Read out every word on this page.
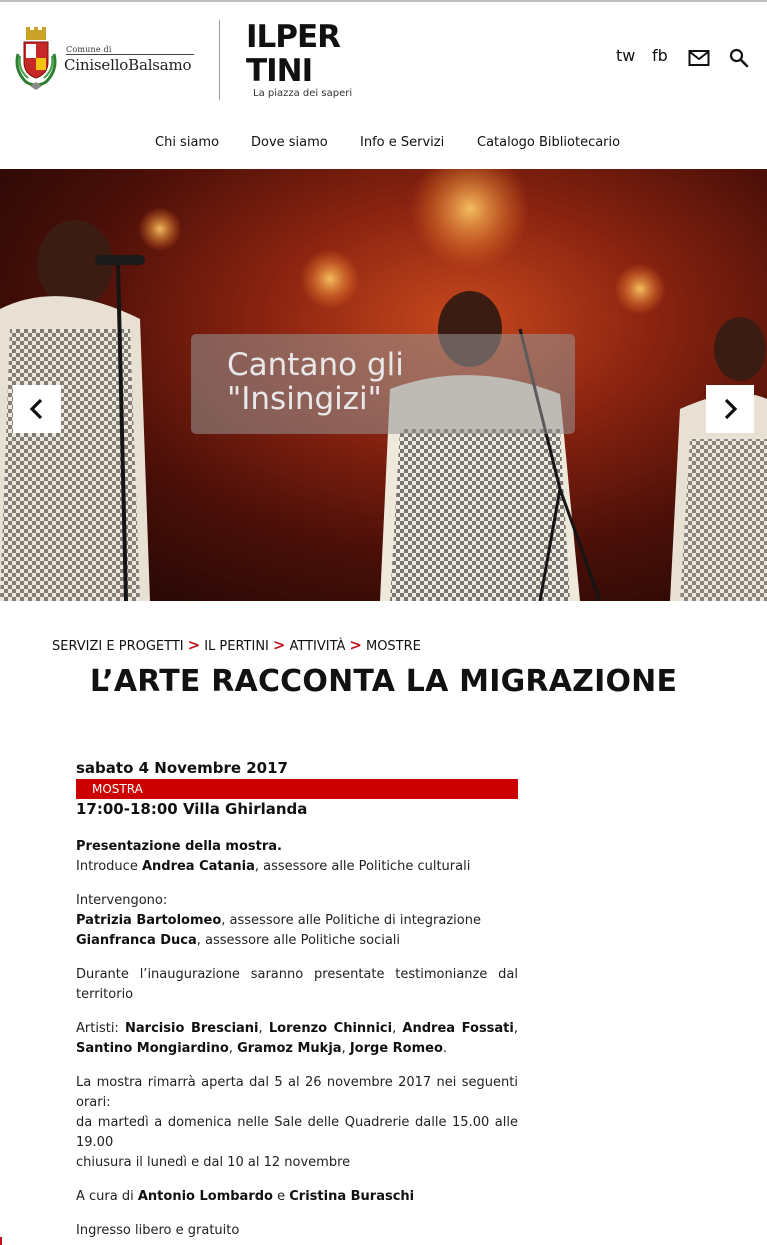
Comune di
CiniselloBalsamo
ILPER
TINI
La piazza dei saperi
tw fb
Chi siamo Dove siamo Info e Servizi	Catalogo Bibliotecario
Cantano gli
"Insingizi"
SERVIZI E PROGETTI > IL PERTINI > ATTIVITÀ > MOSTRE
L’ARTE RACCONTA LA MIGRAZIONE
sabato 4 Novembre 2017
MOSTRA
17:00-18:00 Villa Ghirlanda

Presentazione della mostra.
Introduce Andrea Catania, assessore alle Politiche culturali

Intervengono:
Patrizia Bartolomeo, assessore alle Politiche di integrazione
Gianfranca Duca, assessore alle Politiche sociali

Durante l’inaugurazione saranno presentate testimonianze dal territorio

Artisti: Narcisio Bresciani, Lorenzo Chinnici, Andrea Fossati, Santino Mongiardino, Gramoz Mukja, Jorge Romeo.

La mostra rimarrà aperta dal 5 al 26 novembre 2017 nei seguenti orari:
da martedì a domenica nelle Sale delle Quadrerie dalle 15.00 alle 19.00
chiusura il lunedì e dal 10 al 12 novembre

A cura di Antonio Lombardo e Cristina Buraschi

Ingresso libero e gratuito
